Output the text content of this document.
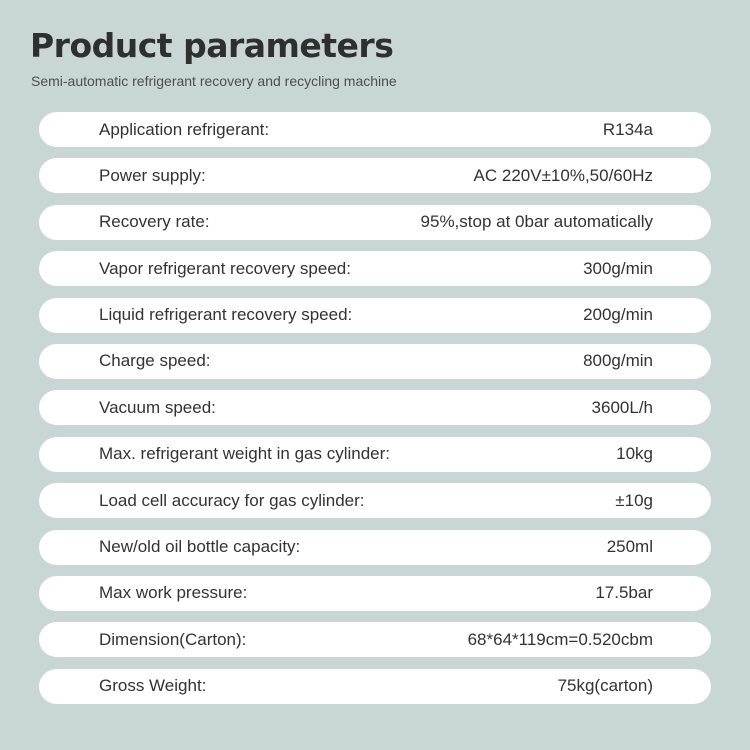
Product parameters

Semi-automatic refrigerant recovery and recycling machine

Application refrigerant:	R134a
Power supply:	AC 220V±10%,50/60Hz
Recovery rate:	95%,stop at 0bar automatically
Vapor refrigerant recovery speed:	300g/min
Liquid refrigerant recovery speed:	200g/min
Charge speed:	800g/min
Vacuum speed:	3600L/h
Max. refrigerant weight in gas cylinder:	10kg
Load cell accuracy for gas cylinder:	±10g
New/old oil bottle capacity:	250ml
Max work pressure:	17.5bar
Dimension(Carton):	68*64*119cm=0.520cbm
Gross Weight:	75kg(carton)
